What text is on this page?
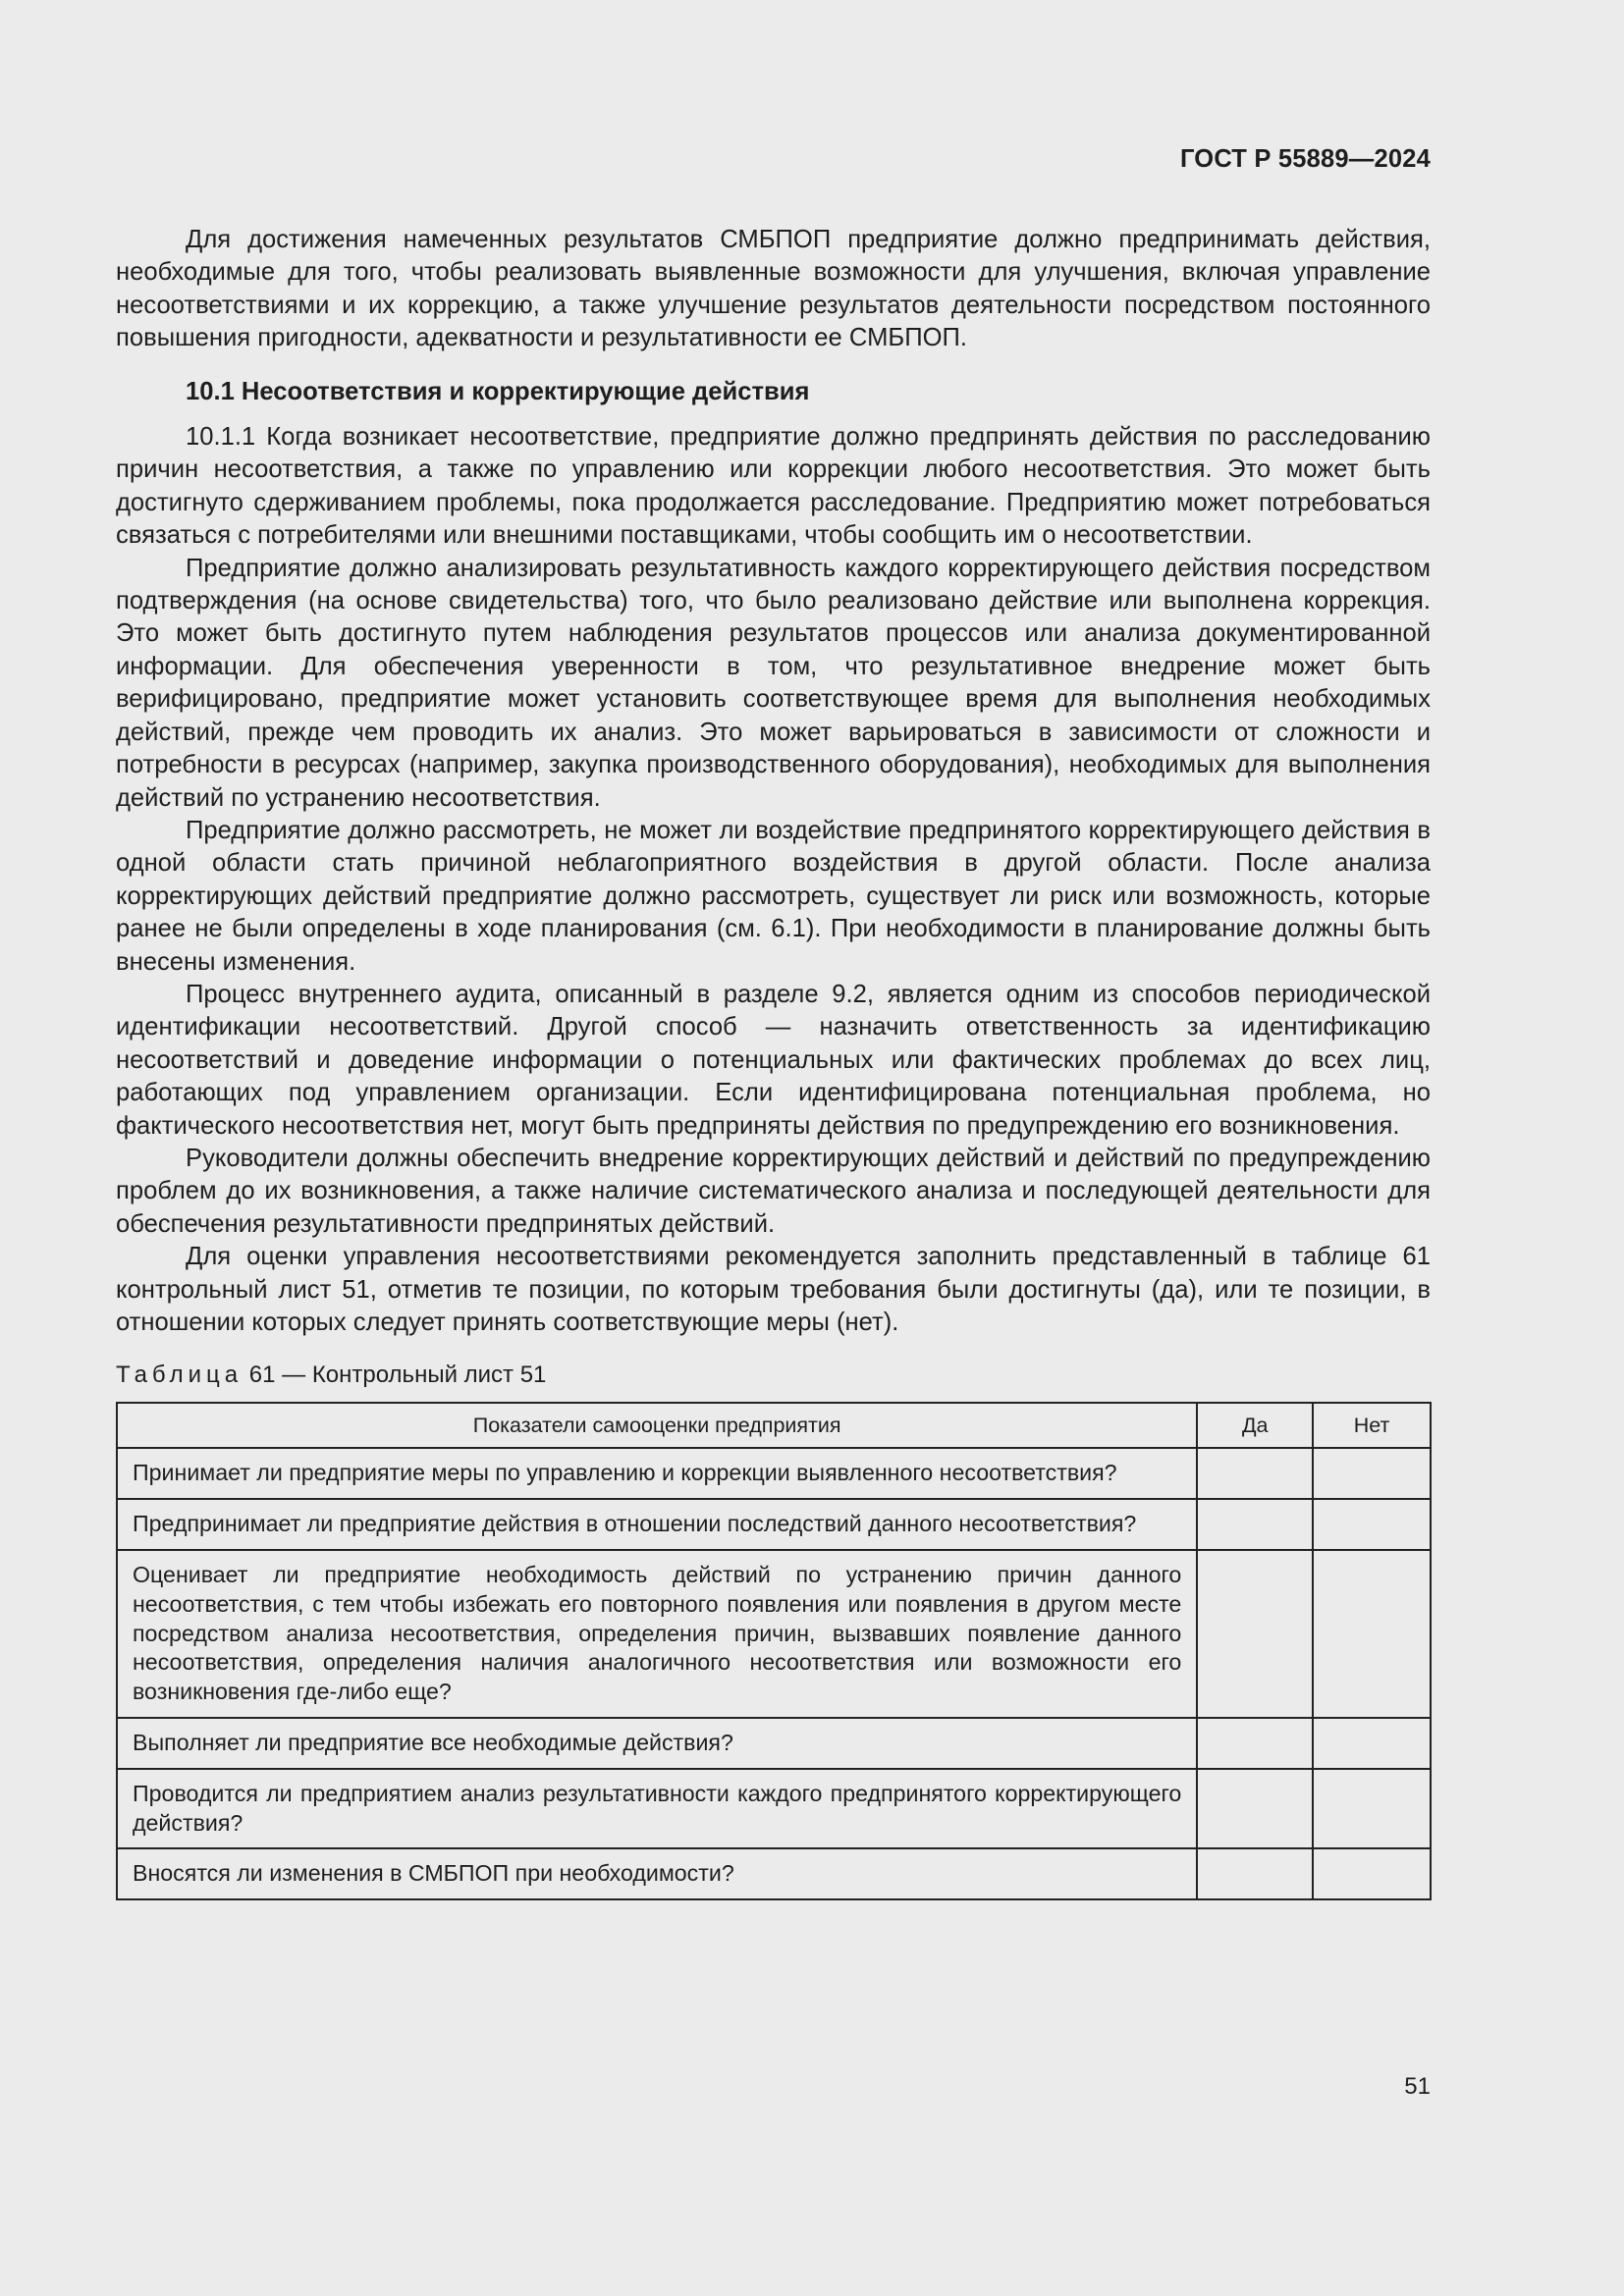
ГОСТ Р 55889—2024

Для достижения намеченных результатов СМБПОП предприятие должно предпринимать действия, необходимые для того, чтобы реализовать выявленные возможности для улучшения, включая управление несоответствиями и их коррекцию, а также улучшение результатов деятельности посредством постоянного повышения пригодности, адекватности и результативности ее СМБПОП.

10.1 Несоответствия и корректирующие действия

10.1.1 Когда возникает несоответствие, предприятие должно предпринять действия по расследованию причин несоответствия, а также по управлению или коррекции любого несоответствия. Это может быть достигнуто сдерживанием проблемы, пока продолжается расследование. Предприятию может потребоваться связаться с потребителями или внешними поставщиками, чтобы сообщить им о несоответствии.

Предприятие должно анализировать результативность каждого корректирующего действия посредством подтверждения (на основе свидетельства) того, что было реализовано действие или выполнена коррекция. Это может быть достигнуто путем наблюдения результатов процессов или анализа документированной информации. Для обеспечения уверенности в том, что результативное внедрение может быть верифицировано, предприятие может установить соответствующее время для выполнения необходимых действий, прежде чем проводить их анализ. Это может варьироваться в зависимости от сложности и потребности в ресурсах (например, закупка производственного оборудования), необходимых для выполнения действий по устранению несоответствия.

Предприятие должно рассмотреть, не может ли воздействие предпринятого корректирующего действия в одной области стать причиной неблагоприятного воздействия в другой области. После анализа корректирующих действий предприятие должно рассмотреть, существует ли риск или возможность, которые ранее не были определены в ходе планирования (см. 6.1). При необходимости в планирование должны быть внесены изменения.

Процесс внутреннего аудита, описанный в разделе 9.2, является одним из способов периодической идентификации несоответствий. Другой способ — назначить ответственность за идентификацию несоответствий и доведение информации о потенциальных или фактических проблемах до всех лиц, работающих под управлением организации. Если идентифицирована потенциальная проблема, но фактического несоответствия нет, могут быть предприняты действия по предупреждению его возникновения.

Руководители должны обеспечить внедрение корректирующих действий и действий по предупреждению проблем до их возникновения, а также наличие систематического анализа и последующей деятельности для обеспечения результативности предпринятых действий.

Для оценки управления несоответствиями рекомендуется заполнить представленный в таблице 61 контрольный лист 51, отметив те позиции, по которым требования были достигнуты (да), или те позиции, в отношении которых следует принять соответствующие меры (нет).

Таблица 61 — Контрольный лист 51
Показатели самооценки предприятия	Да	Нет
Принимает ли предприятие меры по управлению и коррекции выявленного несоответствия?		
Предпринимает ли предприятие действия в отношении последствий данного несоответствия?		
Оценивает ли предприятие необходимость действий по устранению причин данного несоответствия, с тем чтобы избежать его повторного появления или появления в другом месте посредством анализа несоответствия, определения причин, вызвавших появление данного несоответствия, определения наличия аналогичного несоответствия или возможности его возникновения где-либо еще?		
Выполняет ли предприятие все необходимые действия?		
Проводится ли предприятием анализ результативности каждого предпринятого корректирующего действия?		
Вносятся ли изменения в СМБПОП при необходимости?		
51
